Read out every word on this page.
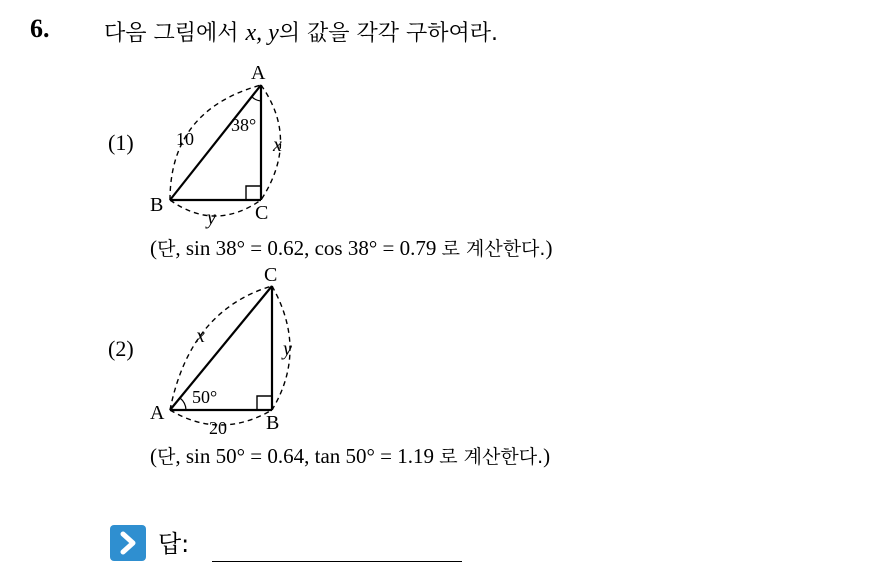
6. 다음 그림에서 x, y의 값을 각각 구하여라.
(1)
A
B	C
10
38°
x
y
(단, sin 38° = 0.62, cos 38° = 0.79 로 계산한다.)
(2)
C
A	B
50°
20
x
y
(단, sin 50° = 0.64, tan 50° = 1.19 로 계산한다.)
답:
